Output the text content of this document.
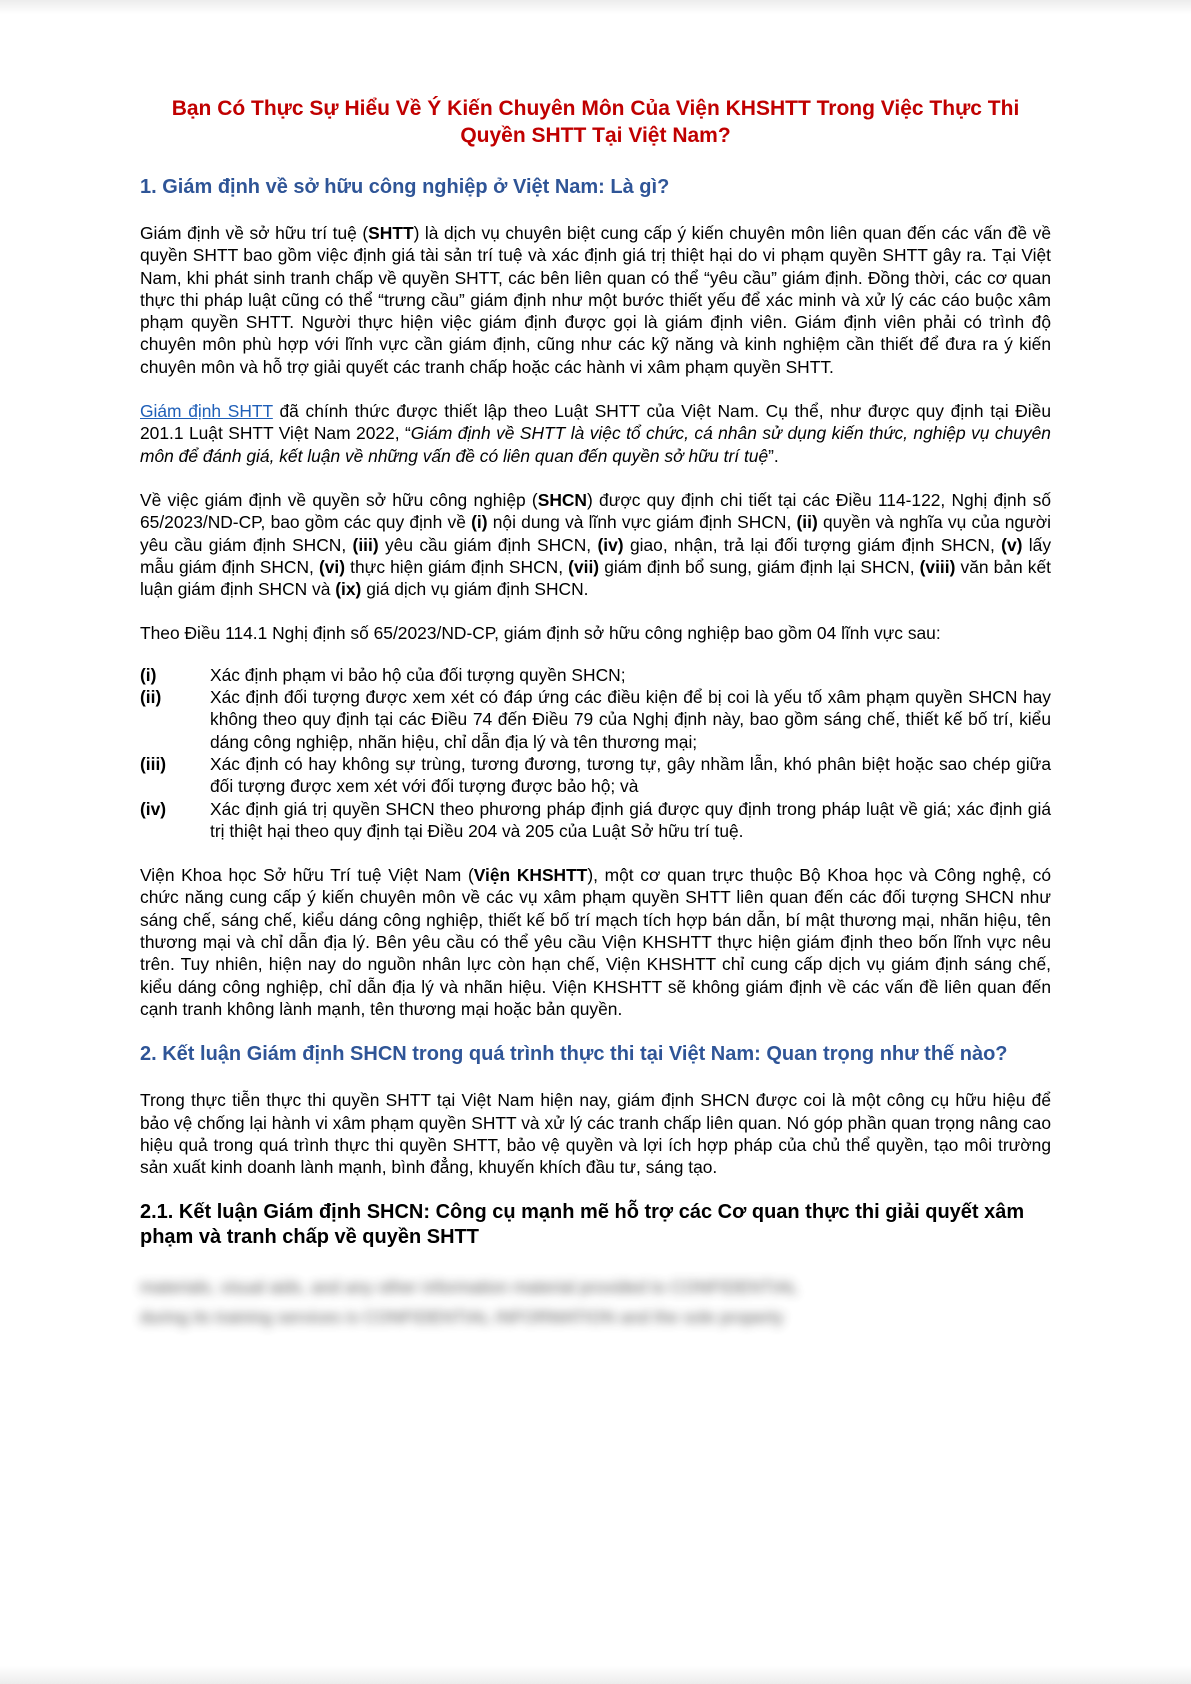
Bạn Có Thực Sự Hiểu Về Ý Kiến Chuyên Môn Của Viện KHSHTT Trong Việc Thực Thi Quyền SHTT Tại Việt Nam?
1. Giám định về sở hữu công nghiệp ở Việt Nam: Là gì?

Giám định về sở hữu trí tuệ (SHTT) là dịch vụ chuyên biệt cung cấp ý kiến chuyên môn liên quan đến các vấn đề về quyền SHTT bao gồm việc định giá tài sản trí tuệ và xác định giá trị thiệt hại do vi phạm quyền SHTT gây ra. Tại Việt Nam, khi phát sinh tranh chấp về quyền SHTT, các bên liên quan có thể “yêu cầu” giám định. Đồng thời, các cơ quan thực thi pháp luật cũng có thể “trưng cầu” giám định như một bước thiết yếu để xác minh và xử lý các cáo buộc xâm phạm quyền SHTT. Người thực hiện việc giám định được gọi là giám định viên. Giám định viên phải có trình độ chuyên môn phù hợp với lĩnh vực cần giám định, cũng như các kỹ năng và kinh nghiệm cần thiết để đưa ra ý kiến chuyên môn và hỗ trợ giải quyết các tranh chấp hoặc các hành vi xâm phạm quyền SHTT.

Giám định SHTT đã chính thức được thiết lập theo Luật SHTT của Việt Nam. Cụ thể, như được quy định tại Điều 201.1 Luật SHTT Việt Nam 2022, “Giám định về SHTT là việc tổ chức, cá nhân sử dụng kiến thức, nghiệp vụ chuyên môn để đánh giá, kết luận về những vấn đề có liên quan đến quyền sở hữu trí tuệ”.

Về việc giám định về quyền sở hữu công nghiệp (SHCN) được quy định chi tiết tại các Điều 114-122, Nghị định số 65/2023/ND-CP, bao gồm các quy định về (i) nội dung và lĩnh vực giám định SHCN, (ii) quyền và nghĩa vụ của người yêu cầu giám định SHCN, (iii) yêu cầu giám định SHCN, (iv) giao, nhận, trả lại đối tượng giám định SHCN, (v) lấy mẫu giám định SHCN, (vi) thực hiện giám định SHCN, (vii) giám định bổ sung, giám định lại SHCN, (viii) văn bản kết luận giám định SHCN và (ix) giá dịch vụ giám định SHCN.

Theo Điều 114.1 Nghị định số 65/2023/ND-CP, giám định sở hữu công nghiệp bao gồm 04 lĩnh vực sau:

(i)	Xác định phạm vi bảo hộ của đối tượng quyền SHCN;
(ii)	Xác định đối tượng được xem xét có đáp ứng các điều kiện để bị coi là yếu tố xâm phạm quyền SHCN hay không theo quy định tại các Điều 74 đến Điều 79 của Nghị định này, bao gồm sáng chế, thiết kế bố trí, kiểu dáng công nghiệp, nhãn hiệu, chỉ dẫn địa lý và tên thương mại;
(iii)	Xác định có hay không sự trùng, tương đương, tương tự, gây nhầm lẫn, khó phân biệt hoặc sao chép giữa đối tượng được xem xét với đối tượng được bảo hộ; và
(iv)	Xác định giá trị quyền SHCN theo phương pháp định giá được quy định trong pháp luật về giá; xác định giá trị thiệt hại theo quy định tại Điều 204 và 205 của Luật Sở hữu trí tuệ.

Viện Khoa học Sở hữu Trí tuệ Việt Nam (Viện KHSHTT), một cơ quan trực thuộc Bộ Khoa học và Công nghệ, có chức năng cung cấp ý kiến chuyên môn về các vụ xâm phạm quyền SHTT liên quan đến các đối tượng SHCN như sáng chế, sáng chế, kiểu dáng công nghiệp, thiết kế bố trí mạch tích hợp bán dẫn, bí mật thương mại, nhãn hiệu, tên thương mại và chỉ dẫn địa lý. Bên yêu cầu có thể yêu cầu Viện KHSHTT thực hiện giám định theo bốn lĩnh vực nêu trên. Tuy nhiên, hiện nay do nguồn nhân lực còn hạn chế, Viện KHSHTT chỉ cung cấp dịch vụ giám định sáng chế, kiểu dáng công nghiệp, chỉ dẫn địa lý và nhãn hiệu. Viện KHSHTT sẽ không giám định về các vấn đề liên quan đến cạnh tranh không lành mạnh, tên thương mại hoặc bản quyền.

2. Kết luận Giám định SHCN trong quá trình thực thi tại Việt Nam: Quan trọng như thế nào?

Trong thực tiễn thực thi quyền SHTT tại Việt Nam hiện nay, giám định SHCN được coi là một công cụ hữu hiệu để bảo vệ chống lại hành vi xâm phạm quyền SHTT và xử lý các tranh chấp liên quan. Nó góp phần quan trọng nâng cao hiệu quả trong quá trình thực thi quyền SHTT, bảo vệ quyền và lợi ích hợp pháp của chủ thể quyền, tạo môi trường sản xuất kinh doanh lành mạnh, bình đẳng, khuyến khích đầu tư, sáng tạo.

2.1. Kết luận Giám định SHCN: Công cụ mạnh mẽ hỗ trợ các Cơ quan thực thi giải quyết xâm phạm và tranh chấp về quyền SHTT
materials, visual aids, and any other information material provided to CONFIDENTIAL
during its training services is CONFIDENTIAL INFORMATION and the sole property
